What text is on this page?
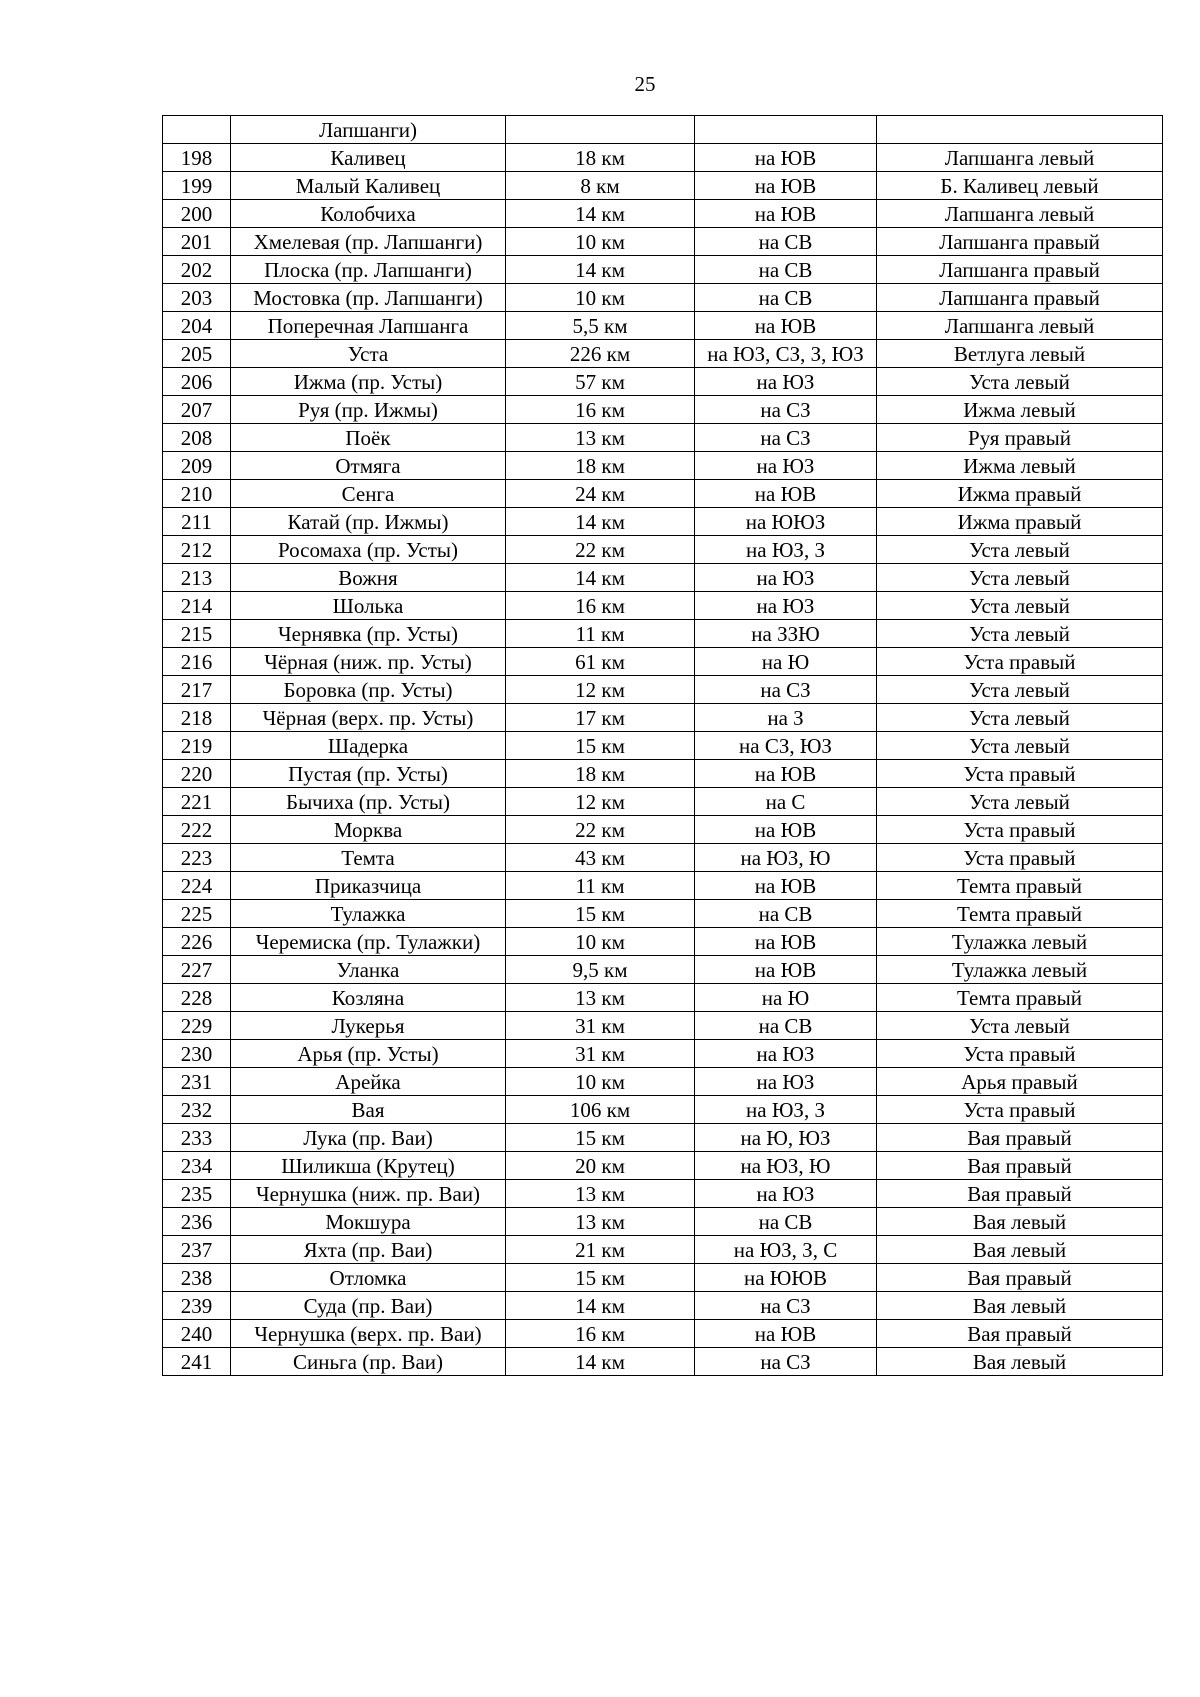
25
	Лапшанги)			
198	Каливец	18 км	на ЮВ	Лапшанга левый
199	Малый Каливец	8 км	на ЮВ	Б. Каливец левый
200	Колобчиха	14 км	на ЮВ	Лапшанга левый
201	Хмелевая (пр. Лапшанги)	10 км	на СВ	Лапшанга правый
202	Плоска (пр. Лапшанги)	14 км	на СВ	Лапшанга правый
203	Мостовка (пр. Лапшанги)	10 км	на СВ	Лапшанга правый
204	Поперечная Лапшанга	5,5 км	на ЮВ	Лапшанга левый
205	Уста	226 км	на ЮЗ, СЗ, З, ЮЗ	Ветлуга левый
206	Ижма (пр. Усты)	57 км	на ЮЗ	Уста левый
207	Руя (пр. Ижмы)	16 км	на СЗ	Ижма левый
208	Поёк	13 км	на СЗ	Руя правый
209	Отмяга	18 км	на ЮЗ	Ижма левый
210	Сенга	24 км	на ЮВ	Ижма правый
211	Катай (пр. Ижмы)	14 км	на ЮЮЗ	Ижма правый
212	Росомаха (пр. Усты)	22 км	на ЮЗ, З	Уста левый
213	Вожня	14 км	на ЮЗ	Уста левый
214	Шолька	16 км	на ЮЗ	Уста левый
215	Чернявка (пр. Усты)	11 км	на ЗЗЮ	Уста левый
216	Чёрная (ниж. пр. Усты)	61 км	на Ю	Уста правый
217	Боровка (пр. Усты)	12 км	на СЗ	Уста левый
218	Чёрная (верх. пр. Усты)	17 км	на З	Уста левый
219	Шадерка	15 км	на СЗ, ЮЗ	Уста левый
220	Пустая (пр. Усты)	18 км	на ЮВ	Уста правый
221	Бычиха (пр. Усты)	12 км	на С	Уста левый
222	Морква	22 км	на ЮВ	Уста правый
223	Темта	43 км	на ЮЗ, Ю	Уста правый
224	Приказчица	11 км	на ЮВ	Темта правый
225	Тулажка	15 км	на СВ	Темта правый
226	Черемиска (пр. Тулажки)	10 км	на ЮВ	Тулажка левый
227	Уланка	9,5 км	на ЮВ	Тулажка левый
228	Козляна	13 км	на Ю	Темта правый
229	Лукерья	31 км	на СВ	Уста левый
230	Арья (пр. Усты)	31 км	на ЮЗ	Уста правый
231	Арейка	10 км	на ЮЗ	Арья правый
232	Вая	106 км	на ЮЗ, З	Уста правый
233	Лука (пр. Ваи)	15 км	на Ю, ЮЗ	Вая правый
234	Шиликша (Крутец)	20 км	на ЮЗ, Ю	Вая правый
235	Чернушка (ниж. пр. Ваи)	13 км	на ЮЗ	Вая правый
236	Мокшура	13 км	на СВ	Вая левый
237	Яхта (пр. Ваи)	21 км	на ЮЗ, З, С	Вая левый
238	Отломка	15 км	на ЮЮВ	Вая правый
239	Суда (пр. Ваи)	14 км	на СЗ	Вая левый
240	Чернушка (верх. пр. Ваи)	16 км	на ЮВ	Вая правый
241	Синьга (пр. Ваи)	14 км	на СЗ	Вая левый
